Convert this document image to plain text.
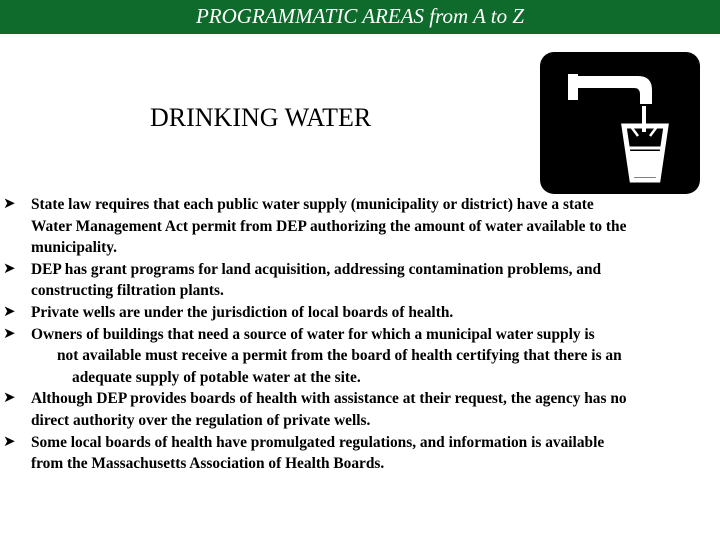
PROGRAMMATIC AREAS from A to Z
DRINKING WATER
➤ State law requires that each public water supply (municipality or district) have a state
Water Management Act permit from DEP authorizing the amount of water available to the
municipality.
➤ DEP has grant programs for land acquisition, addressing contamination problems, and
constructing filtration plants.
➤ Private wells are under the jurisdiction of local boards of health.
➤ Owners of buildings that need a source of water for which a municipal water supply is
not available must receive a permit from the board of health certifying that there is an
adequate supply of potable water at the site.
➤ Although DEP provides boards of health with assistance at their request, the agency has no
direct authority over the regulation of private wells.
➤ Some local boards of health have promulgated regulations, and information is available
from the Massachusetts Association of Health Boards.
